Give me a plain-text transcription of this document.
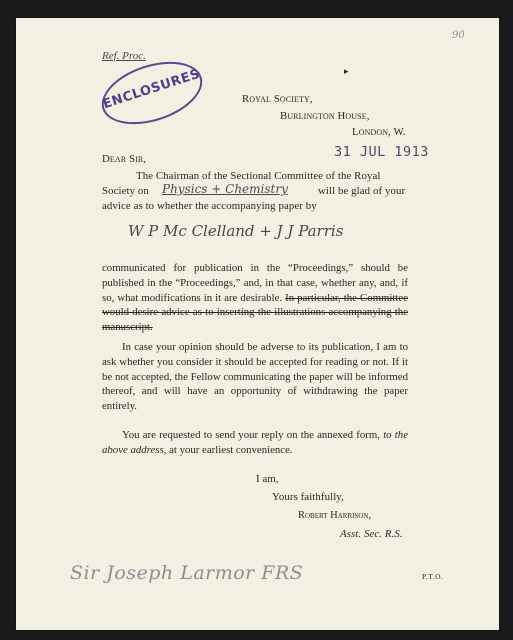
90
Ref. Proc.
ENCLOSURES	▸
Royal Society,
Burlington House,
London, W.
31 JUL 1913
Dear Sir,
The Chairman of the Sectional Committee of the Royal
Society on Physics + Chemistry	will be glad of your
advice as to whether the accompanying paper by
W P Mc Clelland + J J Parris
communicated for publication in the “Proceedings,” should be published in the “Proceedings,” and, in that case, whether any, and, if so, what modifications in it are desirable. In particular, the Committee would desire advice as to inserting the illustrations accompanying the manuscript.
In case your opinion should be adverse to its publication, I am to ask whether you consider it should be accepted for reading or not. If it be not accepted, the Fellow communicating the paper will be informed thereof, and will have an opportunity of withdrawing the paper entirely.
You are requested to send your reply on the annexed form, to the above address, at your earliest convenience.
I am,
Yours faithfully,
Robert Harrison,
Asst. Sec. R.S.
Sir Joseph Larmor FRS	P.T.O.
